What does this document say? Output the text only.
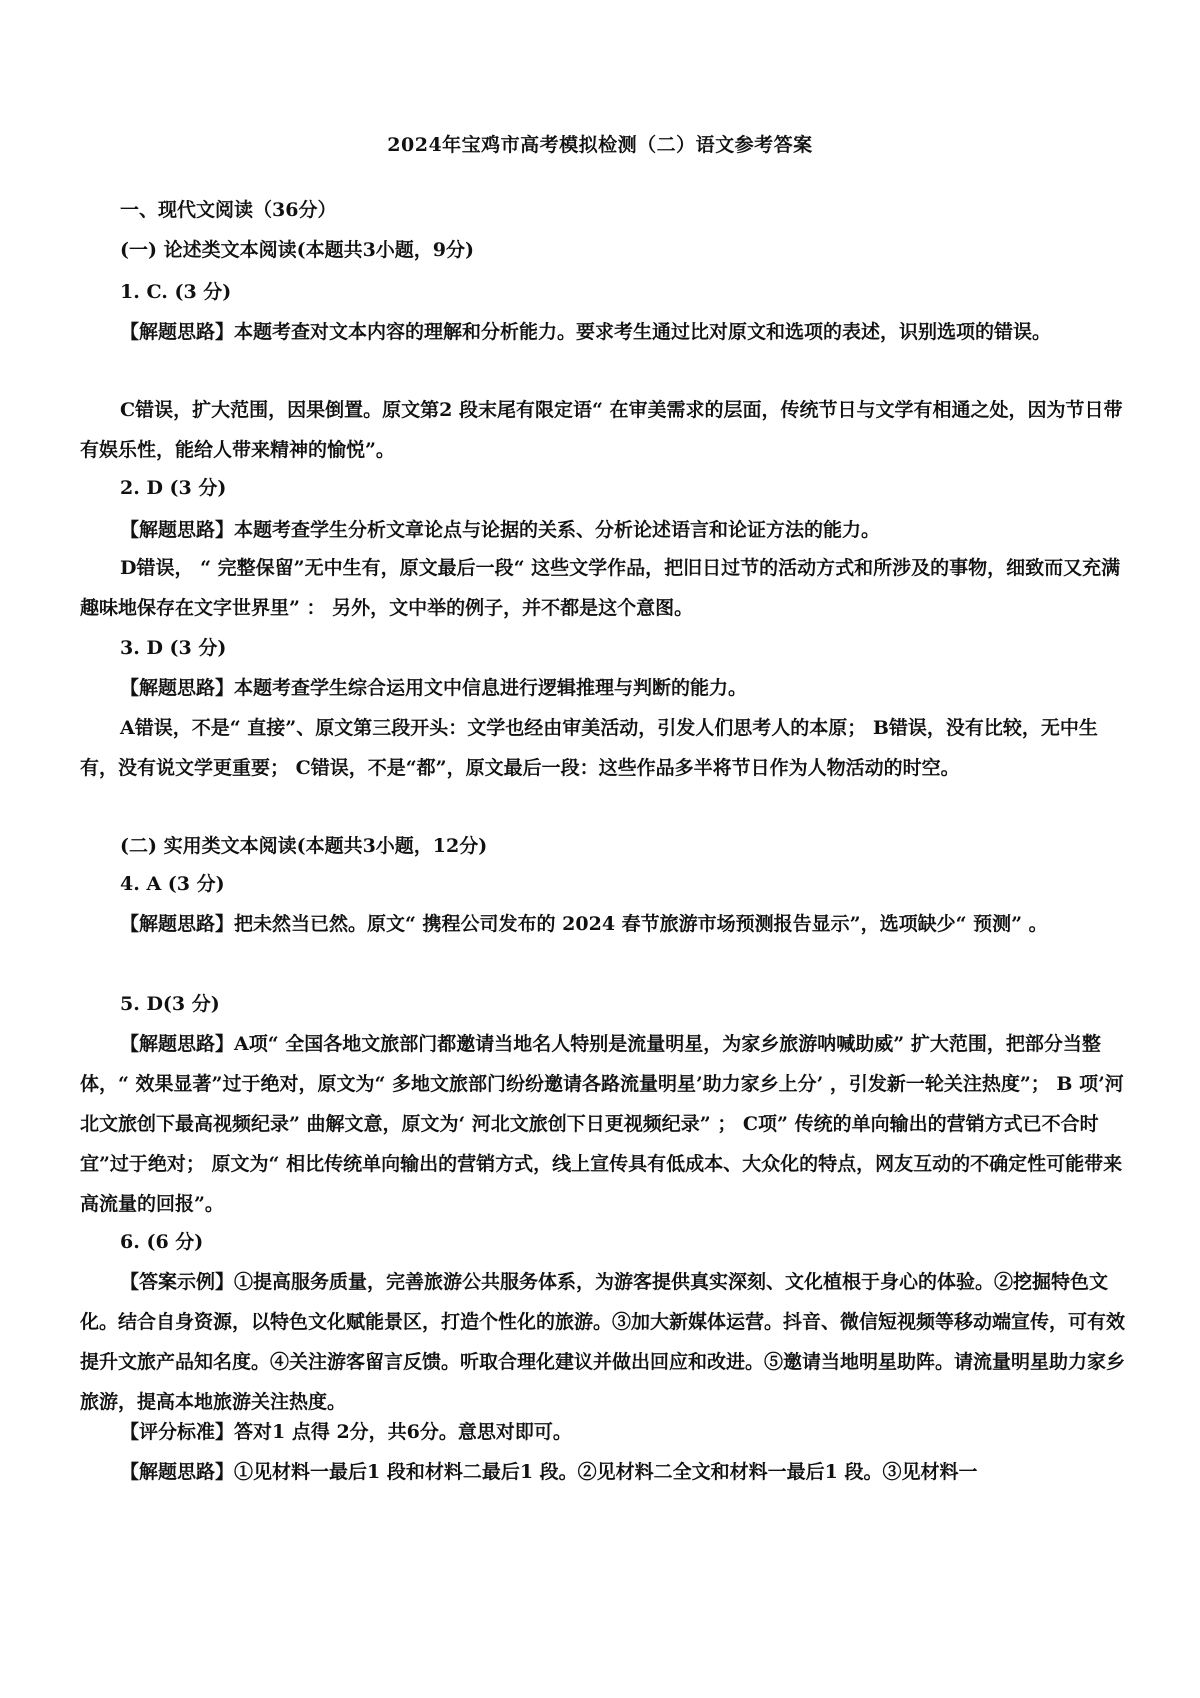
2024年宝鸡市高考模拟检测（二）语文参考答案
一、现代文阅读（36分）
(一) 论述类文本阅读(本题共3小题，9分)
1. C. (3 分)
【解题思路】本题考查对文本内容的理解和分析能力。要求考生通过比对原文和选项的表述，识别选项的错误。
C错误，扩大范围，因果倒置。原文第2 段末尾有限定语“ 在审美需求的层面，传统节日与文学有相通之处，因为节日带有娱乐性，能给人带来精神的愉悦”。
2. D (3 分)
【解题思路】本题考查学生分析文章论点与论据的关系、分析论述语言和论证方法的能力。
D错误， “ 完整保留”无中生有，原文最后一段“ 这些文学作品，把旧日过节的活动方式和所涉及的事物，细致而又充满趣味地保存在文字世界里” ： 另外，文中举的例子，并不都是这个意图。
3. D (3 分)
【解题思路】本题考查学生综合运用文中信息进行逻辑推理与判断的能力。
A错误，不是“ 直接”、原文第三段开头：文学也经由审美活动，引发人们思考人的本原； B错误，没有比较，无中生有，没有说文学更重要； C错误，不是“都”，原文最后一段：这些作品多半将节日作为人物活动的时空。
(二) 实用类文本阅读(本题共3小题，12分)
4. A (3 分)
【解题思路】把未然当已然。原文“ 携程公司发布的 2024 春节旅游市场预测报告显示”，选项缺少“ 预测” 。
5. D(3 分)
【解题思路】A项“ 全国各地文旅部门都邀请当地名人特别是流量明星，为家乡旅游呐喊助威” 扩大范围，把部分当整体，“ 效果显著”过于绝对，原文为“ 多地文旅部门纷纷邀请各路流量明星’助力家乡上分’ ，引发新一轮关注热度”； B 项’河北文旅创下最高视频纪录” 曲解文意，原文为‘ 河北文旅创下日更视频纪录” ； C项” 传统的单向输出的营销方式已不合时宜”过于绝对； 原文为“ 相比传统单向输出的营销方式，线上宣传具有低成本、大众化的特点，网友互动的不确定性可能带来高流量的回报”。
6. (6 分)
【答案示例】①提高服务质量，完善旅游公共服务体系，为游客提供真实深刻、文化植根于身心的体验。②挖掘特色文化。结合自身资源，以特色文化赋能景区，打造个性化的旅游。③加大新媒体运营。抖音、微信短视频等移动端宣传，可有效提升文旅产品知名度。④关注游客留言反馈。听取合理化建议并做出回应和改进。⑤邀请当地明星助阵。请流量明星助力家乡旅游，提高本地旅游关注热度。
【评分标准】答对1 点得 2分，共6分。意思对即可。
【解题思路】①见材料一最后1 段和材料二最后1 段。②见材料二全文和材料一最后1 段。③见材料一
